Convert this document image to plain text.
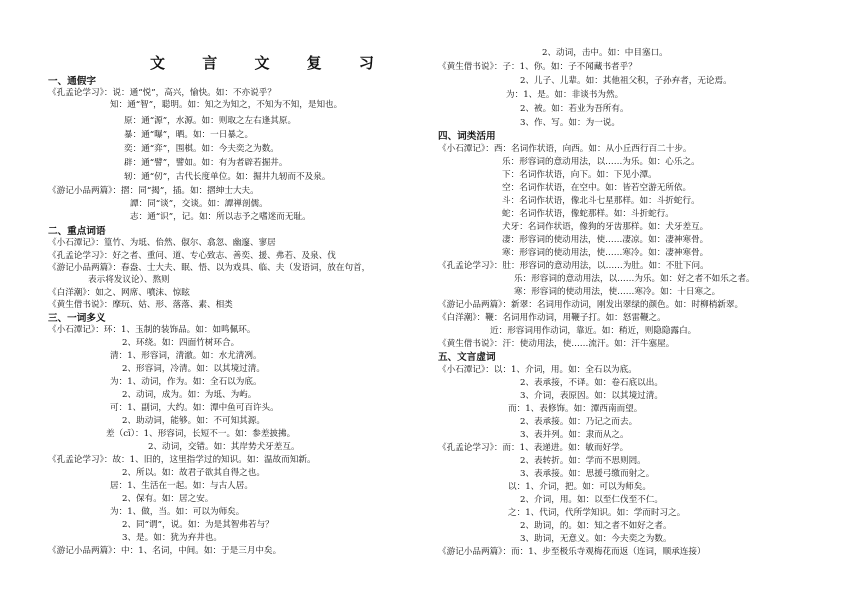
文 言 文 复 习
一、通假字
《孔孟论学习》：说：通“悦”，高兴，愉快。如：不亦说乎？
知：通“智”，聪明。如：知之为知之，不知为不知，是知也。
原：通“源”，水源。如：则取之左右逢其原。
暴：通“曝”，晒。如：一日暴之。
奕：通“弈”，围棋。如：今夫奕之为数。
辟：通“譬”，譬如。如：有为者辟若掘井。
轫：通“仞”，古代长度单位。如：掘井九轫而不及泉。
《游记小品两篇》：摺：同“揭”，插。如：摺绅士大夫。
譚：同“谈”，交谈。如：譚禅剖儒。
志：通“识”，记。如：所以志予之嗜迷而无耻。
二、重点词语
《小石潭记》：篁竹、为坻、佁然、俶尔、翕忽、幽邃、寥居
《孔孟论学习》：好之者、重问、道、专心致志、善奕、援、弗若、及泉、伐
《游记小品两篇》：春盎、士大夫、眠、悟、以为戏具、临、夫（发语词，放在句首，
表示将发议论）、熬则
《白洋潮》：如之、网席、噴沫、惊眩
《黄生借书说》：摩玩、姑、形、落落、素、相类
三、一词多义
《小石潭记》：环：1、玉制的装饰品。如：如鸣佩环。
2、环绕。如：四面竹树环合。
清：1、形容词，清澈。如：水尤清冽。
2、形容词，冷清。如：以其境过清。
为：1、动词，作为。如：全石以为底。
2、动词，成为。如：为坻、为屿。
可：1、副词，大约。如：潭中鱼可百许头。
2、助动词，能够。如：不可知其源。
差（cī）：1、形容词，长短不一。如：参差披拂。
2、动词，交错。如：其岸势犬牙差互。
《孔孟论学习》：故：1、旧的，这里指学过的知识。如：温故而知新。
2、所以。如：故君子欲其自得之也。
居：1、生活在一起。如：与古人居。
2、保有。如：居之安。
为：1、做，当。如：可以为师矣。
2、同“谓”，说。如：为是其智弗若与？
3、是。如：犹为弃井也。
《游记小品两篇》：中：1、名词，中间。如：于是三月中矣。
2、动词，击中。如：中目塞口。
《黄生借书说》：子：1、你。如：子不闻藏书者乎？
2、儿子、儿辈。如：其他祖父积，子孙弃者，无论焉。
为：1、是。如：非谈书为然。
2、被。如：若业为吾所有。
3、作、写。如：为一说。
四、词类活用
《小石潭记》：西：名词作状语，向西。如：从小丘西行百二十步。
乐：形容词的意动用法，以……为乐。如：心乐之。
下：名词作状语，向下。如：下见小潭。
空：名词作状语，在空中。如：皆若空游无所依。
斗：名词作状语，像北斗七星那样。如：斗折蛇行。
蛇：名词作状语，像蛇那样。如：斗折蛇行。
犬牙：名词作状语，像狗的牙齿那样。如：犬牙差互。
凄：形容词的使动用法，使……凄凉。如：凄神寒骨。
寒：形容词的使动用法，使……寒冷。如：凄神寒骨。
《孔孟论学习》：肚：形容词的意动用法，以……为肚。如：不肚下问。
乐：形容词的意动用法，以……为乐。如：好之者不如乐之者。
寒：形容词的使动用法，使……寒冷。如：十日寒之。
《游记小品两篇》：新翠：名词用作动词，刚发出翠绿的颜色。如：时柳梢新翠。
《白洋潮》：鞭：名词用作动词，用鞭子打。如：怒雷鞭之。
近：形容词用作动词，靠近。如：稍近，则隐隐露白。
《黄生借书说》：汗：使动用法，使……流汗。如：汗牛塞屋。
五、文言虚词
《小石潭记》：以：1、介词，用。如：全石以为底。
2、表承接，不译。如：卷石底以出。
3、介词，表原因。如：以其境过清。
而：1、表修饰。如：潭西南而望。
2、表承接。如：乃记之而去。
3、表并列。如：隶而从之。
《孔孟论学习》：而：1、表递进。如：敏而好学。
2、表转折。如：学而不思则罔。
3、表承接。如：思援弓缴而射之。
以：1、介词，把。如：可以为师矣。
2、介词，用。如：以至仁伐至不仁。
之：1、代词，代所学知识。如：学而时习之。
2、助词，的。如：知之者不如好之者。
3、助词，无意义。如：今夫奕之为数。
《游记小品两篇》：而：1、步至极乐寺观梅花而返（连词，顺承连接）
